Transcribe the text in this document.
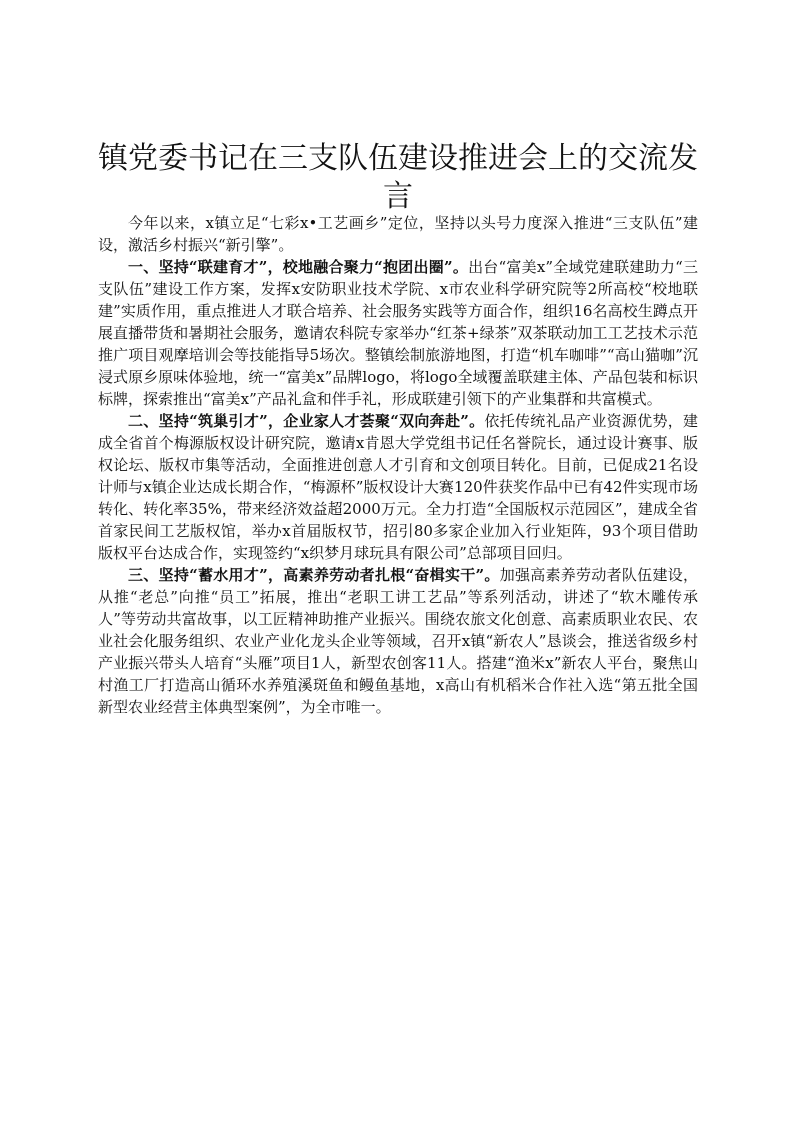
镇党委书记在三支队伍建设推进会上的交流发言

今年以来，x镇立足“七彩x•工艺画乡”定位，坚持以头号力度深入推进“三支队伍”建设，激活乡村振兴“新引擎”。

一、坚持“联建育才”，校地融合聚力“抱团出圈”。出台“富美x”全域党建联建助力“三支队伍”建设工作方案，发挥x安防职业技术学院、x市农业科学研究院等2所高校“校地联建”实质作用，重点推进人才联合培养、社会服务实践等方面合作，组织16名高校生蹲点开展直播带货和暑期社会服务，邀请农科院专家举办“红茶+绿茶”双茶联动加工工艺技术示范推广项目观摩培训会等技能指导5场次。整镇绘制旅游地图，打造“机车咖啡”“高山猫咖”沉浸式原乡原味体验地，统一“富美x”品牌logo，将logo全域覆盖联建主体、产品包装和标识标牌，探索推出“富美x”产品礼盒和伴手礼，形成联建引领下的产业集群和共富模式。

二、坚持“筑巢引才”，企业家人才荟聚“双向奔赴”。依托传统礼品产业资源优势，建成全省首个梅源版权设计研究院，邀请x肯恩大学党组书记任名誉院长，通过设计赛事、版权论坛、版权市集等活动，全面推进创意人才引育和文创项目转化。目前，已促成21名设计师与x镇企业达成长期合作，“梅源杯”版权设计大赛120件获奖作品中已有42件实现市场转化、转化率35%，带来经济效益超2000万元。全力打造“全国版权示范园区”，建成全省首家民间工艺版权馆，举办x首届版权节，招引80多家企业加入行业矩阵，93个项目借助版权平台达成合作，实现签约“x织梦月球玩具有限公司”总部项目回归。

三、坚持“蓄水用才”，高素养劳动者扎根“奋楫实干”。加强高素养劳动者队伍建设，从推“老总”向推“员工”拓展，推出“老职工讲工艺品”等系列活动，讲述了“软木雕传承人”等劳动共富故事，以工匠精神助推产业振兴。围绕农旅文化创意、高素质职业农民、农业社会化服务组织、农业产业化龙头企业等领域，召开x镇“新农人”恳谈会，推送省级乡村产业振兴带头人培育“头雁”项目1人，新型农创客11人。搭建“渔米x”新农人平台，聚焦山村渔工厂打造高山循环水养殖溪斑鱼和鳗鱼基地，x高山有机稻米合作社入选“第五批全国新型农业经营主体典型案例”，为全市唯一。
